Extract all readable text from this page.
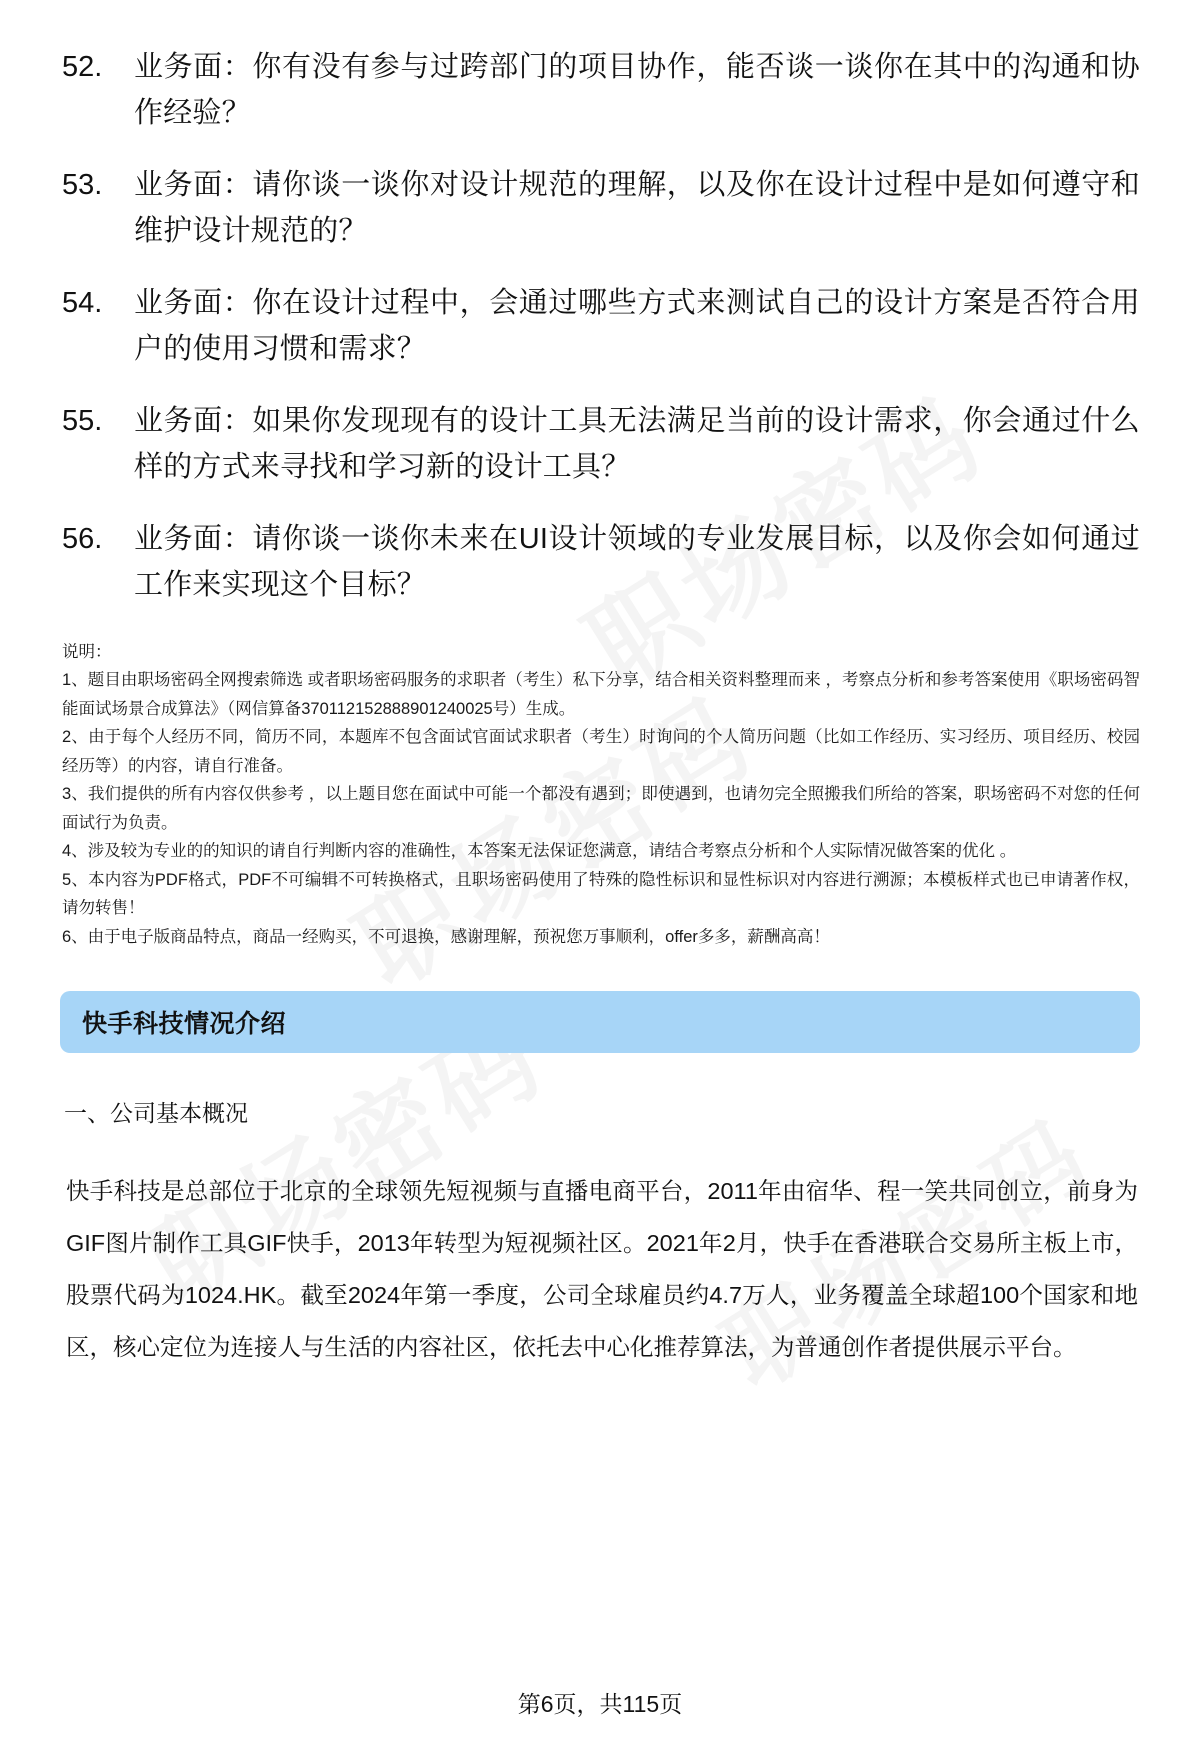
52.	业务面：你有没有参与过跨部门的项目协作，能否谈一谈你在其中的沟通和协作经验？
53.	业务面：请你谈一谈你对设计规范的理解，以及你在设计过程中是如何遵守和维护设计规范的？
54.	业务面：你在设计过程中，会通过哪些方式来测试自己的设计方案是否符合用户的使用习惯和需求？
55.	业务面：如果你发现现有的设计工具无法满足当前的设计需求，你会通过什么样的方式来寻找和学习新的设计工具？
56.	业务面：请你谈一谈你未来在UI设计领域的专业发展目标，以及你会如何通过工作来实现这个目标？
说明：
1、题目由职场密码全网搜索筛选 或者职场密码服务的求职者（考生）私下分享，结合相关资料整理而来 ，考察点分析和参考答案使用《职场密码智能面试场景合成算法》（网信算备370112152888901240025号）生成。
2、由于每个人经历不同，简历不同，本题库不包含面试官面试求职者（考生）时询问的个人简历问题（比如工作经历、实习经历、项目经历、校园经历等）的内容，请自行准备。
3、我们提供的所有内容仅供参考 ，以上题目您在面试中可能一个都没有遇到；即使遇到，也请勿完全照搬我们所给的答案，职场密码不对您的任何面试行为负责。
4、涉及较为专业的的知识的请自行判断内容的准确性，本答案无法保证您满意，请结合考察点分析和个人实际情况做答案的优化 。
5、本内容为PDF格式，PDF不可编辑不可转换格式，且职场密码使用了特殊的隐性标识和显性标识对内容进行溯源；本模板样式也已申请著作权，请勿转售！
6、由于电子版商品特点，商品一经购买，不可退换，感谢理解，预祝您万事顺利，offer多多，薪酬高高！
快手科技情况介绍
一、公司基本概况
快手科技是总部位于北京的全球领先短视频与直播电商平台，2011年由宿华、程一笑共同创立，前身为GIF图片制作工具GIF快手，2013年转型为短视频社区。2021年2月，快手在香港联合交易所主板上市，股票代码为1024.HK。截至2024年第一季度，公司全球雇员约4.7万人，业务覆盖全球超100个国家和地区，核心定位为连接人与生活的内容社区，依托去中心化推荐算法，为普通创作者提供展示平台。
第6页，共115页
